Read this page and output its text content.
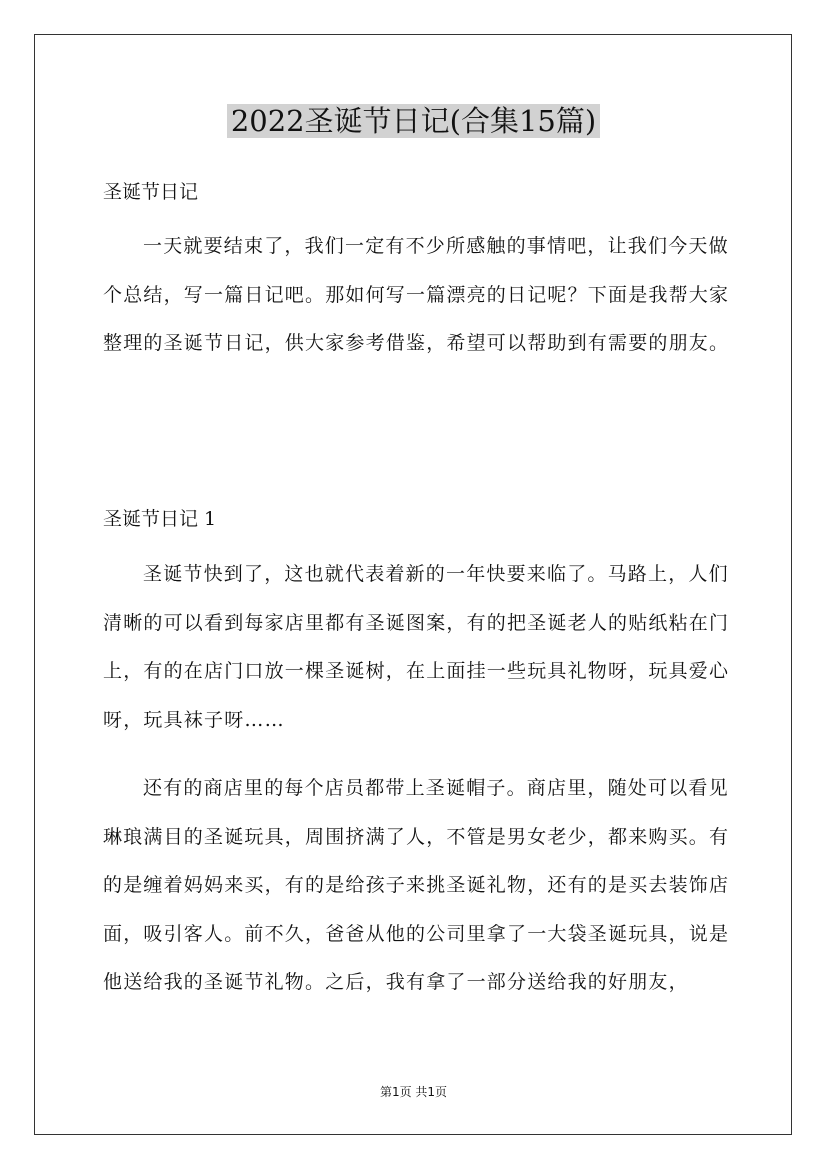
2022圣诞节日记(合集15篇)
圣诞节日记

一天就要结束了，我们一定有不少所感触的事情吧，让我们今天做个总结，写一篇日记吧。那如何写一篇漂亮的日记呢？下面是我帮大家整理的圣诞节日记，供大家参考借鉴，希望可以帮助到有需要的朋友。

圣诞节日记 1

圣诞节快到了，这也就代表着新的一年快要来临了。马路上，人们清晰的可以看到每家店里都有圣诞图案，有的把圣诞老人的贴纸粘在门上，有的在店门口放一棵圣诞树，在上面挂一些玩具礼物呀，玩具爱心呀，玩具袜子呀……

还有的商店里的每个店员都带上圣诞帽子。商店里，随处可以看见琳琅满目的圣诞玩具，周围挤满了人，不管是男女老少，都来购买。有的是缠着妈妈来买，有的是给孩子来挑圣诞礼物，还有的是买去装饰店面，吸引客人。前不久，爸爸从他的公司里拿了一大袋圣诞玩具，说是他送给我的圣诞节礼物。之后，我有拿了一部分送给我的好朋友，

第1页 共1页
